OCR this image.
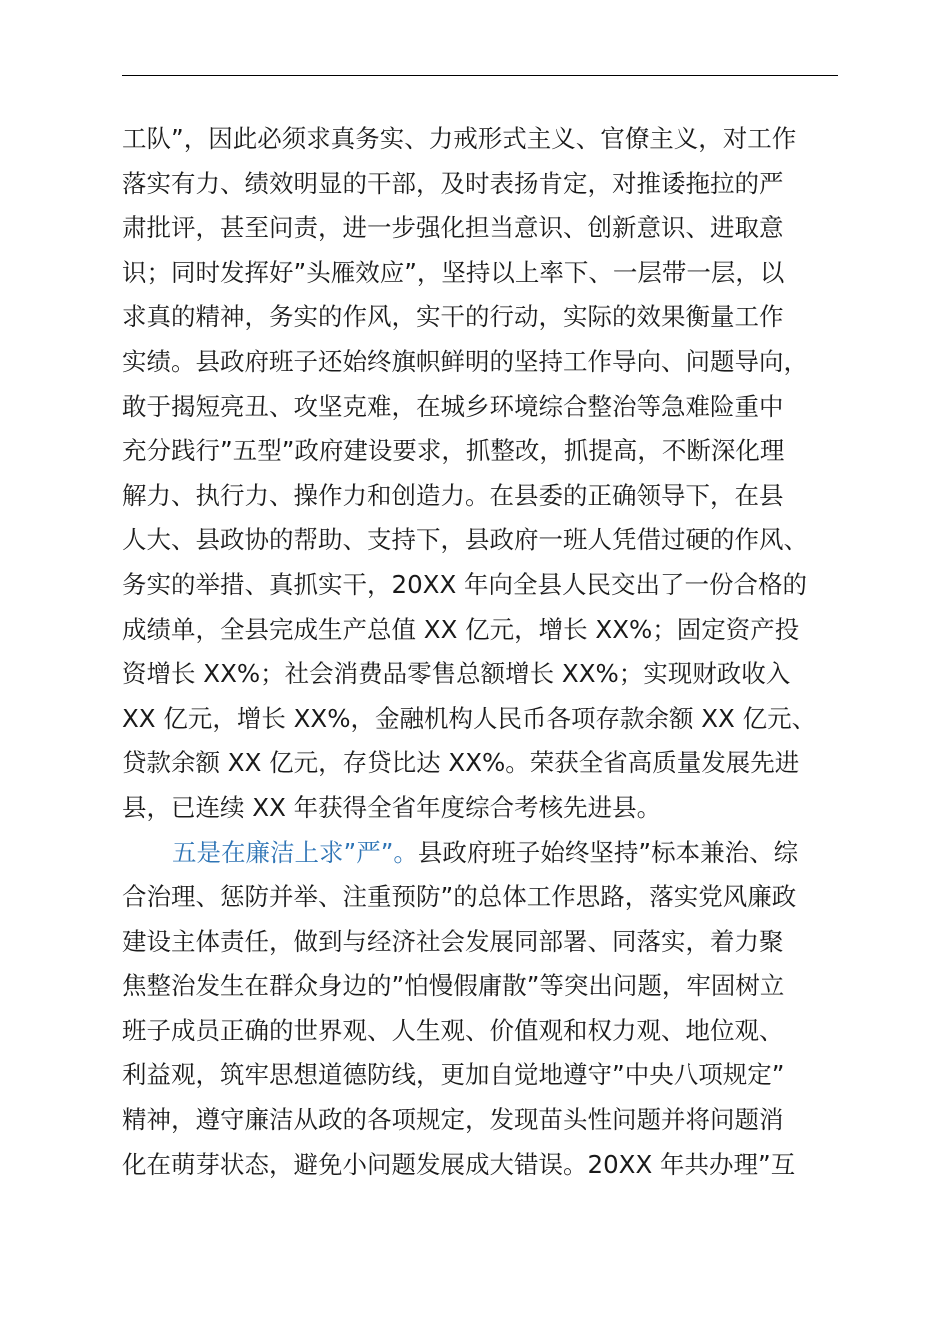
工队”，因此必须求真务实、力戒形式主义、官僚主义，对工作
落实有力、绩效明显的干部，及时表扬肯定，对推诿拖拉的严
肃批评，甚至问责，进一步强化担当意识、创新意识、进取意
识；同时发挥好”头雁效应”，坚持以上率下、一层带一层，以
求真的精神，务实的作风，实干的行动，实际的效果衡量工作
实绩。县政府班子还始终旗帜鲜明的坚持工作导向、问题导向，
敢于揭短亮丑、攻坚克难，在城乡环境综合整治等急难险重中
充分践行”五型”政府建设要求，抓整改，抓提高，不断深化理
解力、执行力、操作力和创造力。在县委的正确领导下，在县
人大、县政协的帮助、支持下，县政府一班人凭借过硬的作风、
务实的举措、真抓实干，20XX 年向全县人民交出了一份合格的
成绩单，全县完成生产总值 XX 亿元，增长 XX%；固定资产投
资增长 XX%；社会消费品零售总额增长 XX%；实现财政收入
XX 亿元，增长 XX%，金融机构人民币各项存款余额 XX 亿元、
贷款余额 XX 亿元，存贷比达 XX%。荣获全省高质量发展先进
县，已连续 XX 年获得全省年度综合考核先进县。
五是在廉洁上求”严”。县政府班子始终坚持”标本兼治、综
合治理、惩防并举、注重预防”的总体工作思路，落实党风廉政
建设主体责任，做到与经济社会发展同部署、同落实，着力聚
焦整治发生在群众身边的”怕慢假庸散”等突出问题，牢固树立
班子成员正确的世界观、人生观、价值观和权力观、地位观、
利益观，筑牢思想道德防线，更加自觉地遵守”中央八项规定”
精神，遵守廉洁从政的各项规定，发现苗头性问题并将问题消
化在萌芽状态，避免小问题发展成大错误。20XX 年共办理”互
